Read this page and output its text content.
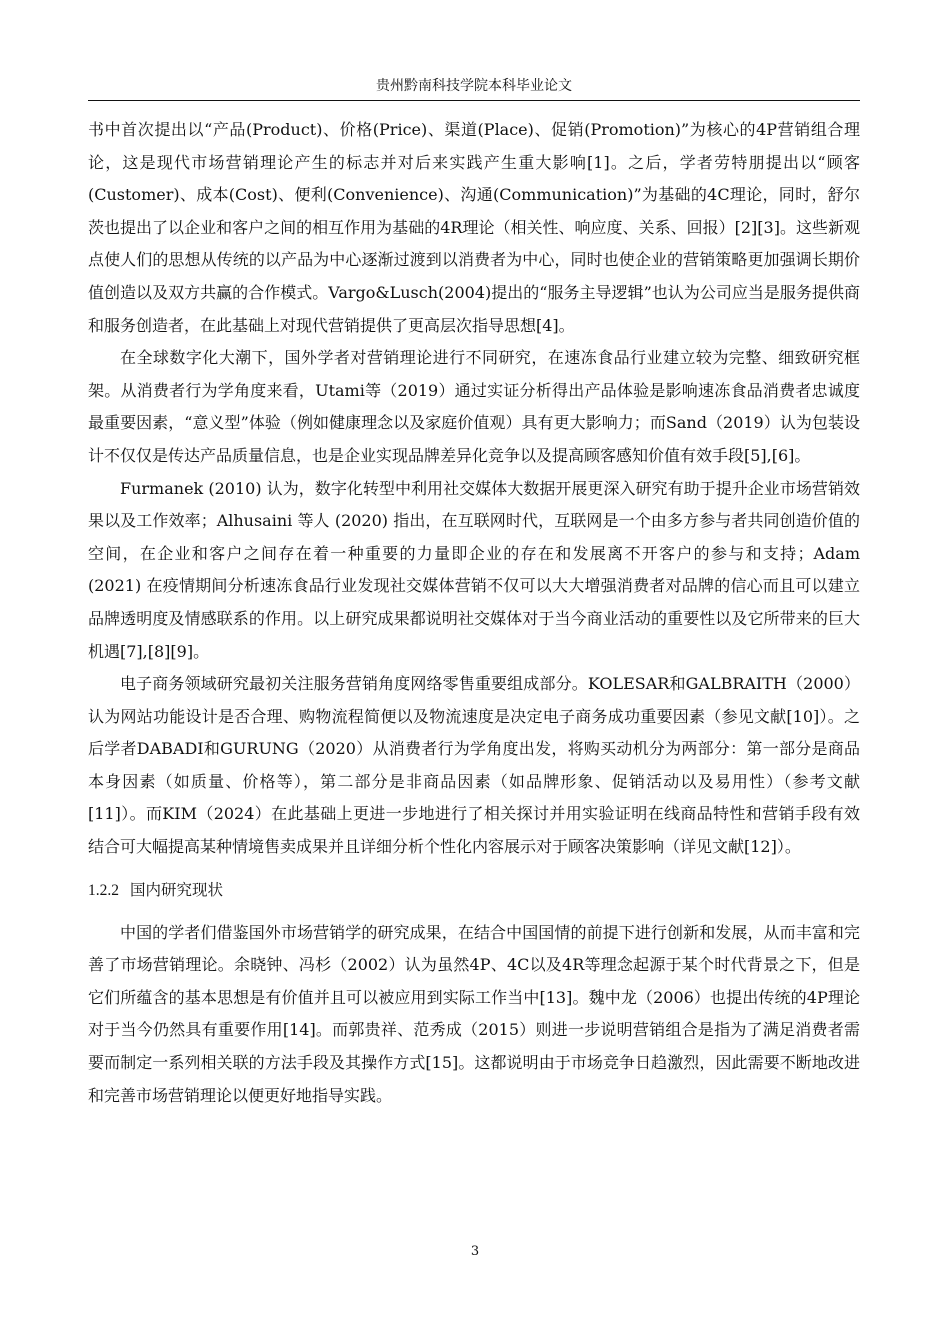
贵州黔南科技学院本科毕业论文

书中首次提出以“产品(Product)、价格(Price)、渠道(Place)、促销(Promotion)”为核心的4P营销组合理论，这是现代市场营销理论产生的标志并对后来实践产生重大影响[1]。之后，学者劳特朋提出以“顾客(Customer)、成本(Cost)、便利(Convenience)、沟通(Communication)”为基础的4C理论，同时，舒尔茨也提出了以企业和客户之间的相互作用为基础的4R理论（相关性、响应度、关系、回报）[2][3]。这些新观点使人们的思想从传统的以产品为中心逐渐过渡到以消费者为中心，同时也使企业的营销策略更加强调长期价值创造以及双方共赢的合作模式。Vargo&Lusch(2004)提出的“服务主导逻辑”也认为公司应当是服务提供商和服务创造者，在此基础上对现代营销提供了更高层次指导思想[4]。

在全球数字化大潮下，国外学者对营销理论进行不同研究，在速冻食品行业建立较为完整、细致研究框架。从消费者行为学角度来看，Utami等（2019）通过实证分析得出产品体验是影响速冻食品消费者忠诚度最重要因素，“意义型”体验（例如健康理念以及家庭价值观）具有更大影响力；而Sand（2019）认为包装设计不仅仅是传达产品质量信息，也是企业实现品牌差异化竞争以及提高顾客感知价值有效手段[5],[6]。

Furmanek (2010) 认为，数字化转型中利用社交媒体大数据开展更深入研究有助于提升企业市场营销效果以及工作效率；Alhusaini 等人 (2020) 指出，在互联网时代，互联网是一个由多方参与者共同创造价值的空间，在企业和客户之间存在着一种重要的力量即企业的存在和发展离不开客户的参与和支持；Adam (2021) 在疫情期间分析速冻食品行业发现社交媒体营销不仅可以大大增强消费者对品牌的信心而且可以建立品牌透明度及情感联系的作用。以上研究成果都说明社交媒体对于当今商业活动的重要性以及它所带来的巨大机遇[7],[8][9]。

电子商务领域研究最初关注服务营销角度网络零售重要组成部分。KOLESAR和GALBRAITH（2000）认为网站功能设计是否合理、购物流程简便以及物流速度是决定电子商务成功重要因素（参见文献[10]）。之后学者DABADI和GURUNG（2020）从消费者行为学角度出发，将购买动机分为两部分：第一部分是商品本身因素（如质量、价格等），第二部分是非商品因素（如品牌形象、促销活动以及易用性）（参考文献[11]）。而KIM（2024）在此基础上更进一步地进行了相关探讨并用实验证明在线商品特性和营销手段有效结合可大幅提高某种情境售卖成果并且详细分析个性化内容展示对于顾客决策影响（详见文献[12]）。

1.2.2 国内研究现状

中国的学者们借鉴国外市场营销学的研究成果，在结合中国国情的前提下进行创新和发展，从而丰富和完善了市场营销理论。余晓钟、冯杉（2002）认为虽然4P、4C以及4R等理念起源于某个时代背景之下，但是它们所蕴含的基本思想是有价值并且可以被应用到实际工作当中[13]。魏中龙（2006）也提出传统的4P理论对于当今仍然具有重要作用[14]。而郭贵祥、范秀成（2015）则进一步说明营销组合是指为了满足消费者需要而制定一系列相关联的方法手段及其操作方式[15]。这都说明由于市场竞争日趋激烈，因此需要不断地改进和完善市场营销理论以便更好地指导实践。

3
